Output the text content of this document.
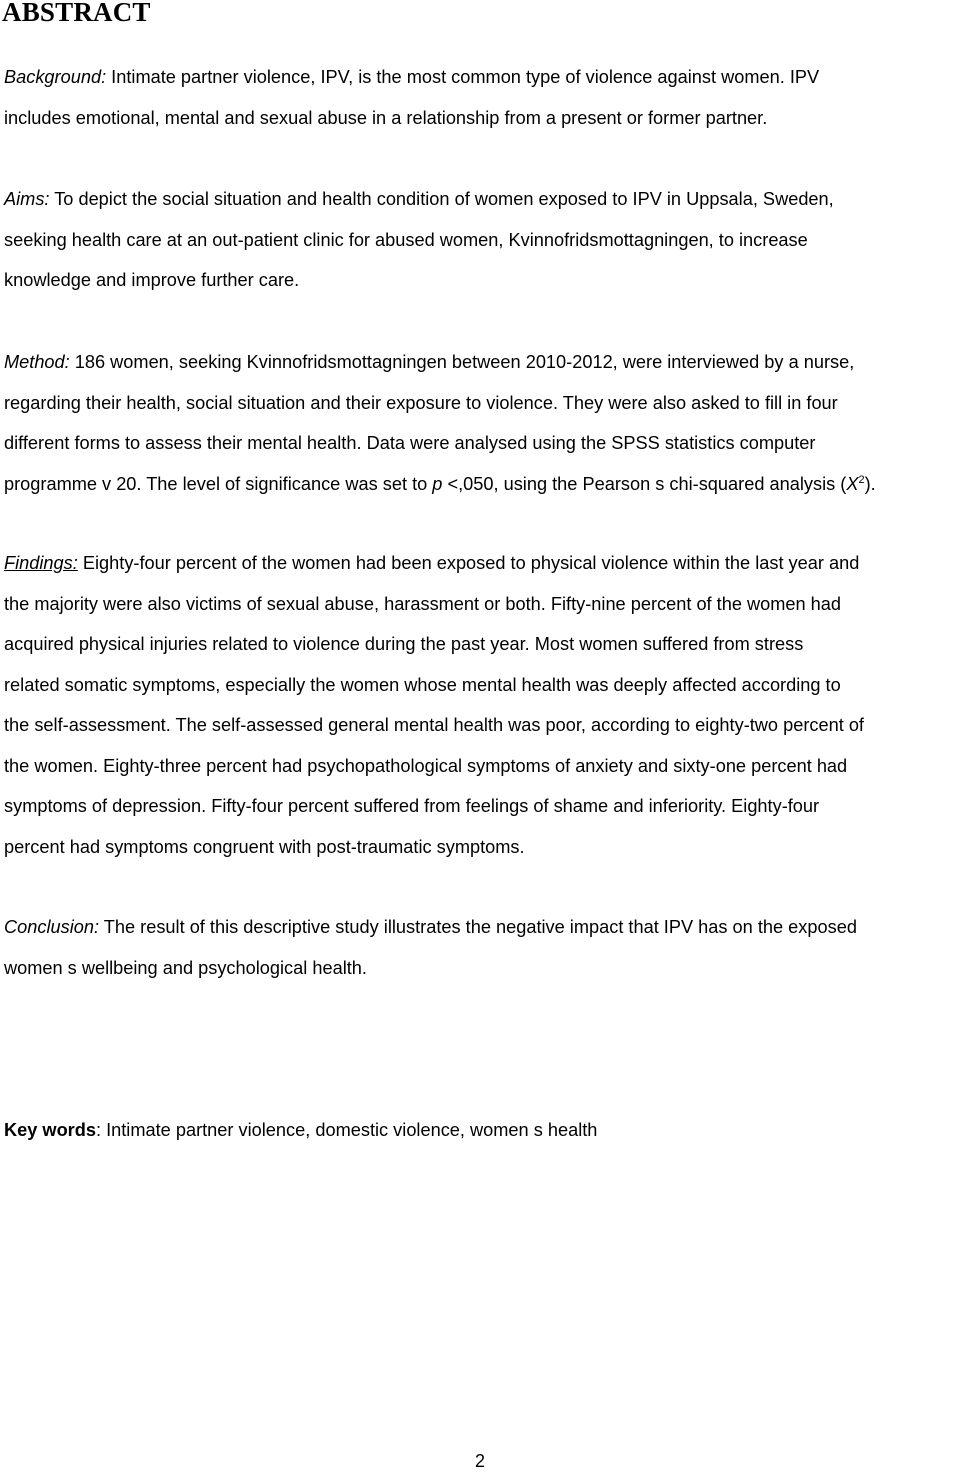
ABSTRACT

Background: Intimate partner violence, IPV, is the most common type of violence against women. IPV
includes emotional, mental and sexual abuse in a relationship from a present or former partner.

Aims: To depict the social situation and health condition of women exposed to IPV in Uppsala, Sweden,
seeking health care at an out-patient clinic for abused women, Kvinnofridsmottagningen, to increase
knowledge and improve further care.

Method: 186 women, seeking Kvinnofridsmottagningen between 2010-2012, were interviewed by a nurse,
regarding their health, social situation and their exposure to violence. They were also asked to fill in four
different forms to assess their mental health. Data were analysed using the SPSS statistics computer
programme v 20. The level of significance was set to p <,050, using the Pearson s chi-squared analysis $(X^2)$.

Findings: Eighty-four percent of the women had been exposed to physical violence within the last year and
the majority were also victims of sexual abuse, harassment or both. Fifty-nine percent of the women had
acquired physical injuries related to violence during the past year. Most women suffered from stress
related somatic symptoms, especially the women whose mental health was deeply affected according to
the self-assessment. The self-assessed general mental health was poor, according to eighty-two percent of
the women. Eighty-three percent had psychopathological symptoms of anxiety and sixty-one percent had
symptoms of depression. Fifty-four percent suffered from feelings of shame and inferiority. Eighty-four
percent had symptoms congruent with post-traumatic symptoms.

Conclusion: The result of this descriptive study illustrates the negative impact that IPV has on the exposed
women s wellbeing and psychological health.

Key words: Intimate partner violence, domestic violence, women s health

2
